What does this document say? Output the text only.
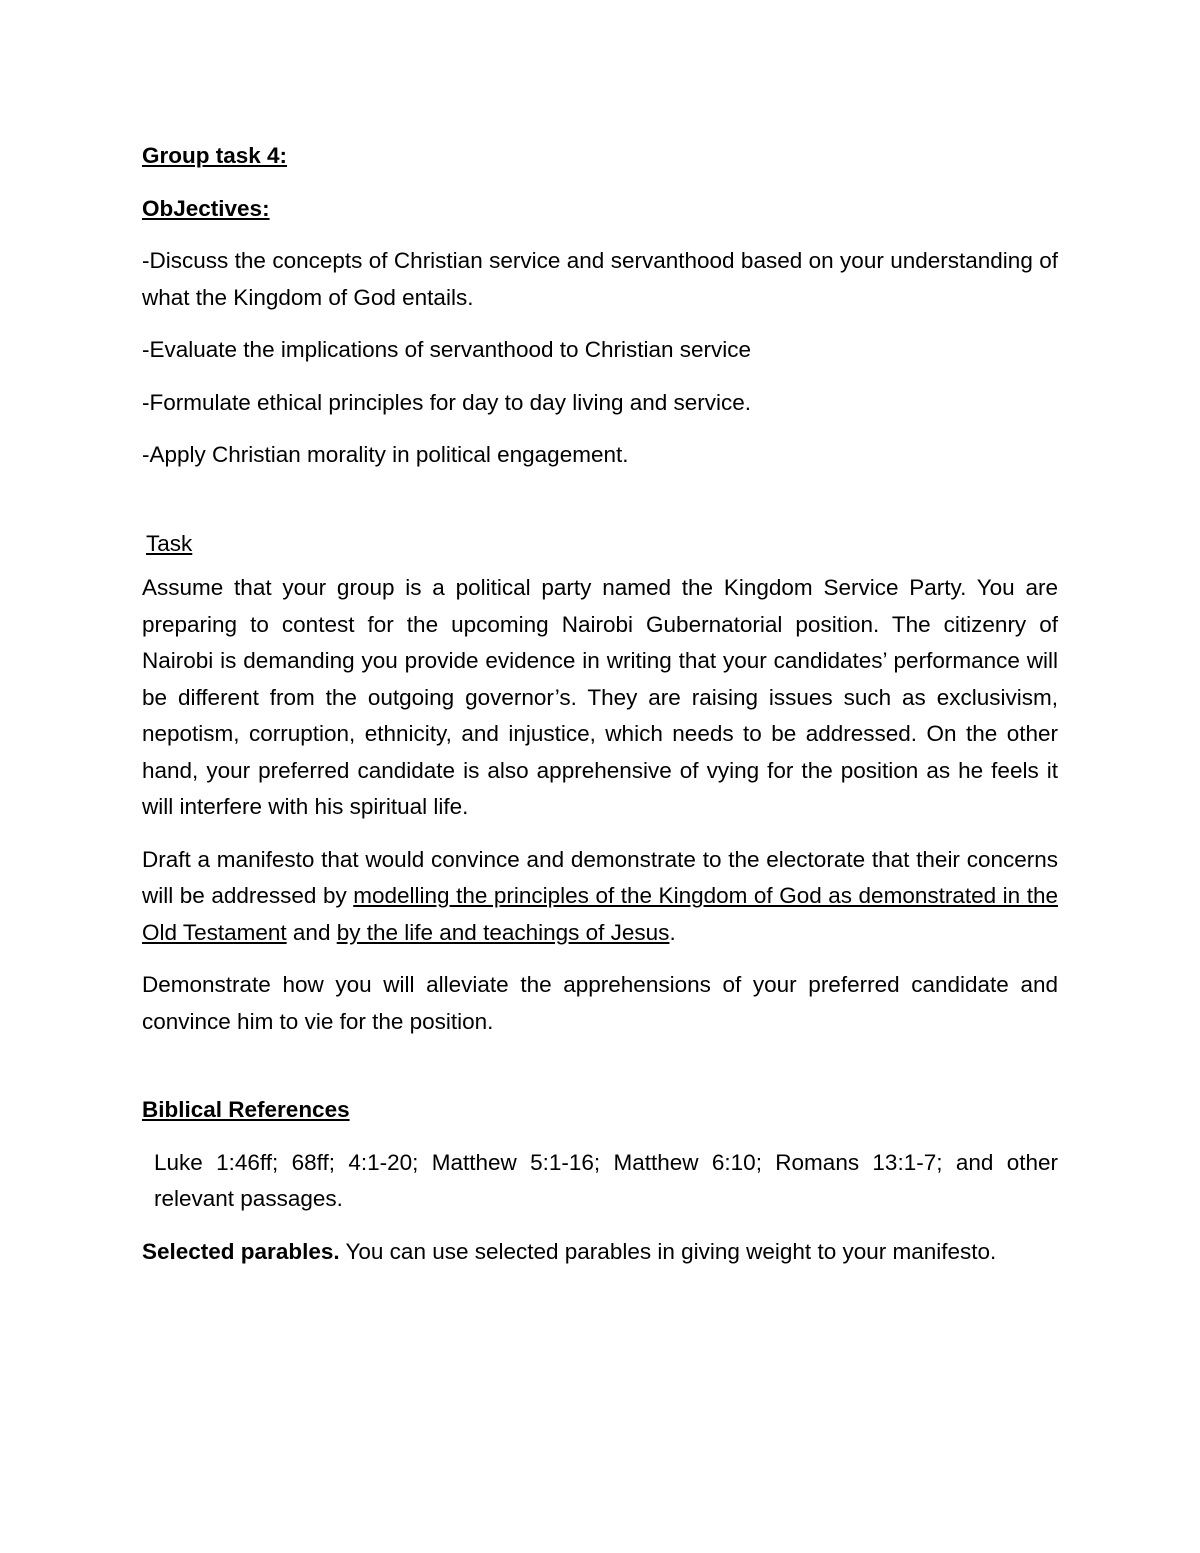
Group task 4:
ObJectives:

-Discuss the concepts of Christian service and servanthood based on your understanding of what the Kingdom of God entails.

-Evaluate the implications of servanthood to Christian service

-Formulate ethical principles for day to day living and service.

-Apply Christian morality in political engagement.

Task

Assume that your group is a political party named the Kingdom Service Party. You are preparing to contest for the upcoming Nairobi Gubernatorial position. The citizenry of Nairobi is demanding you provide evidence in writing that your candidates’ performance will be different from the outgoing governor’s. They are raising issues such as exclusivism, nepotism, corruption, ethnicity, and injustice, which needs to be addressed. On the other hand, your preferred candidate is also apprehensive of vying for the position as he feels it will interfere with his spiritual life.

Draft a manifesto that would convince and demonstrate to the electorate that their concerns will be addressed by modelling the principles of the Kingdom of God as demonstrated in the Old Testament and by the life and teachings of Jesus.

Demonstrate how you will alleviate the apprehensions of your preferred candidate and convince him to vie for the position.

Biblical References

Luke 1:46ff; 68ff; 4:1-20; Matthew 5:1-16; Matthew 6:10; Romans 13:1-7; and other relevant passages.

Selected parables. You can use selected parables in giving weight to your manifesto.
